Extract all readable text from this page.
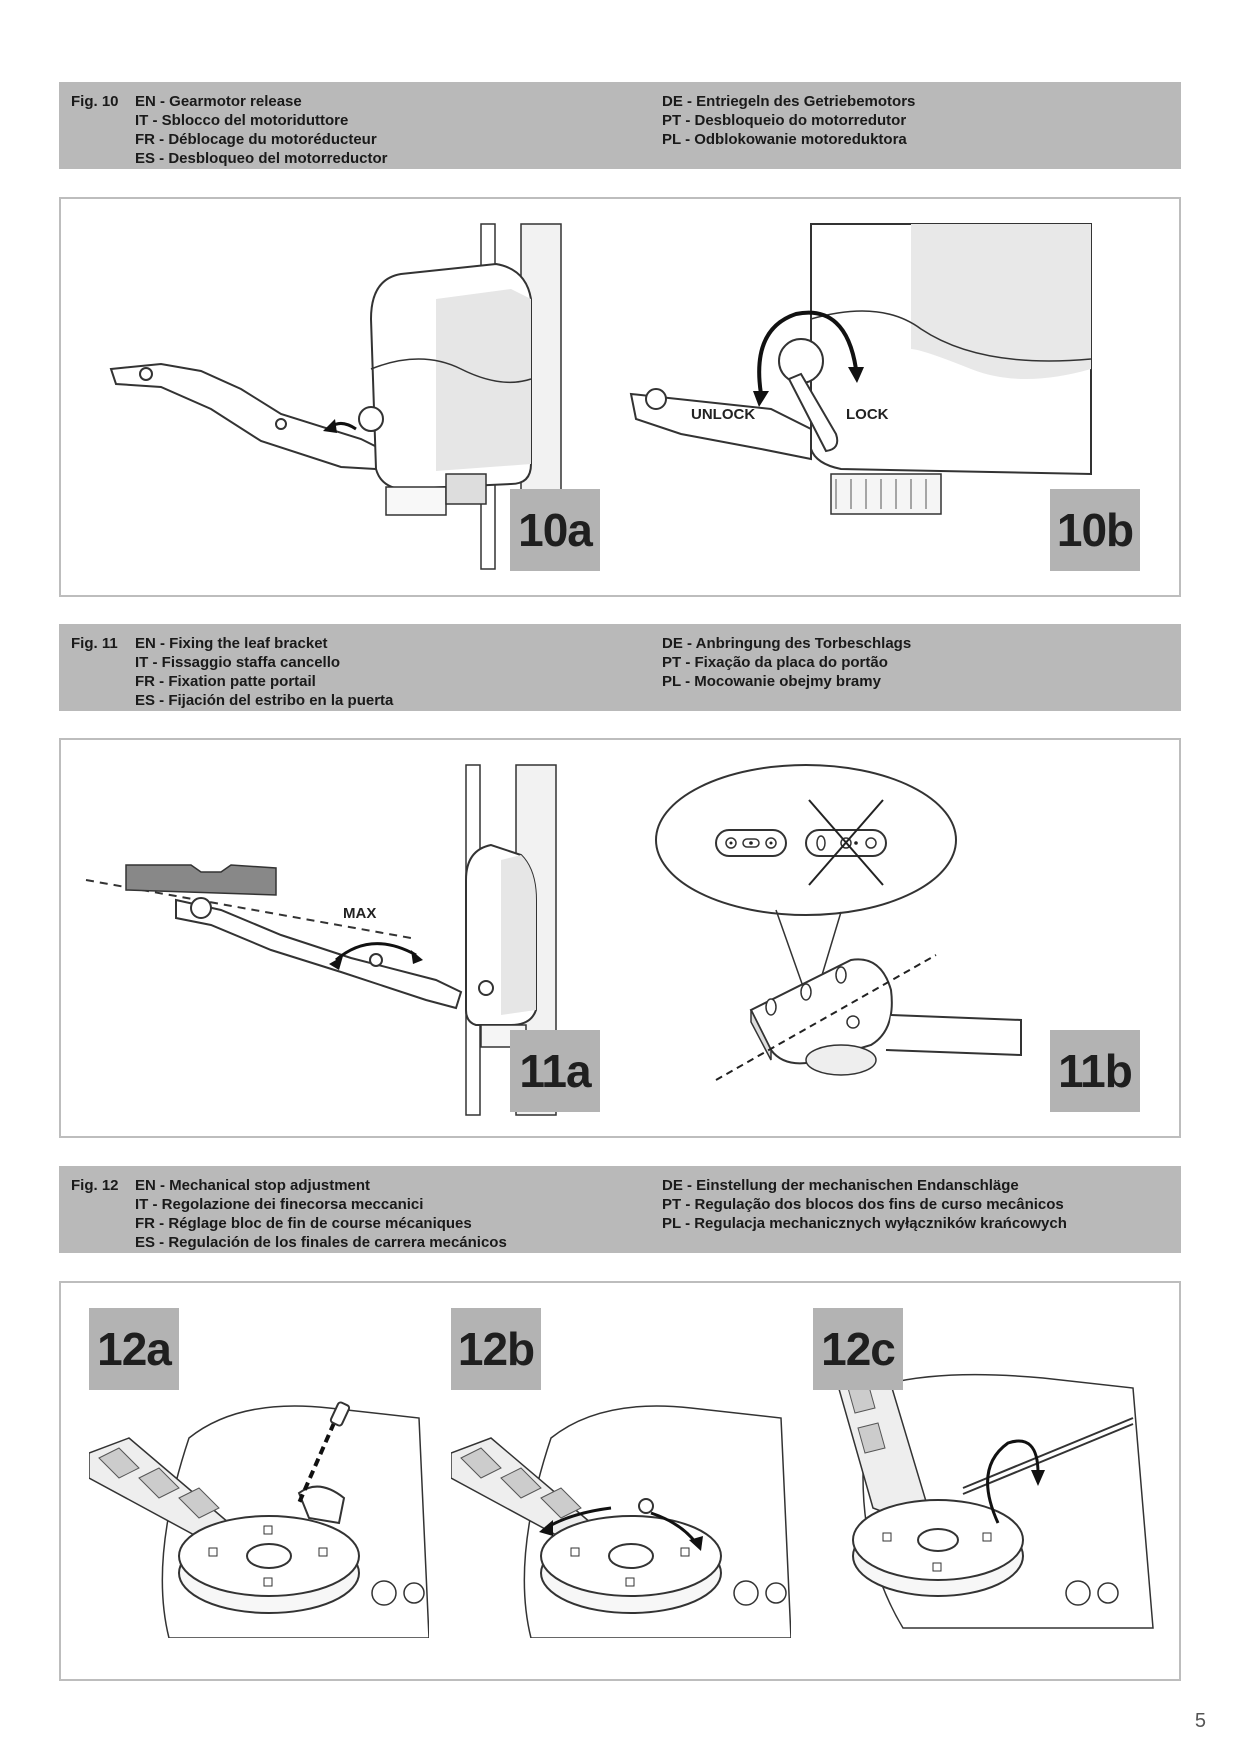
Fig. 10 EN - Gearmotor release
IT - Sblocco del motoriduttore
FR - Déblocage du motoréducteur
ES - Desbloqueo del motorreductor
DE - Entriegeln des Getriebemotors
PT - Desbloqueio do motorredutor
PL - Odblokowanie motoreduktora
10a
UNLOCK	LOCK
10b
Fig. 11 EN - Fixing the leaf bracket
IT - Fissaggio staffa cancello
FR - Fixation patte portail
ES - Fijación del estribo en la puerta
DE - Anbringung des Torbeschlags
PT - Fixação da placa do portão
PL - Mocowanie obejmy bramy
MAX
11a	11b
Fig. 12 EN - Mechanical stop adjustment
IT - Regolazione dei finecorsa meccanici
FR - Réglage bloc de fin de course mécaniques
ES - Regulación de los finales de carrera mecánicos
DE - Einstellung der mechanischen Endanschläge
PT - Regulação dos blocos dos fins de curso mecânicos
PL - Regulacja mechanicznych wyłączników krańcowych
12a	12b	12c
5
